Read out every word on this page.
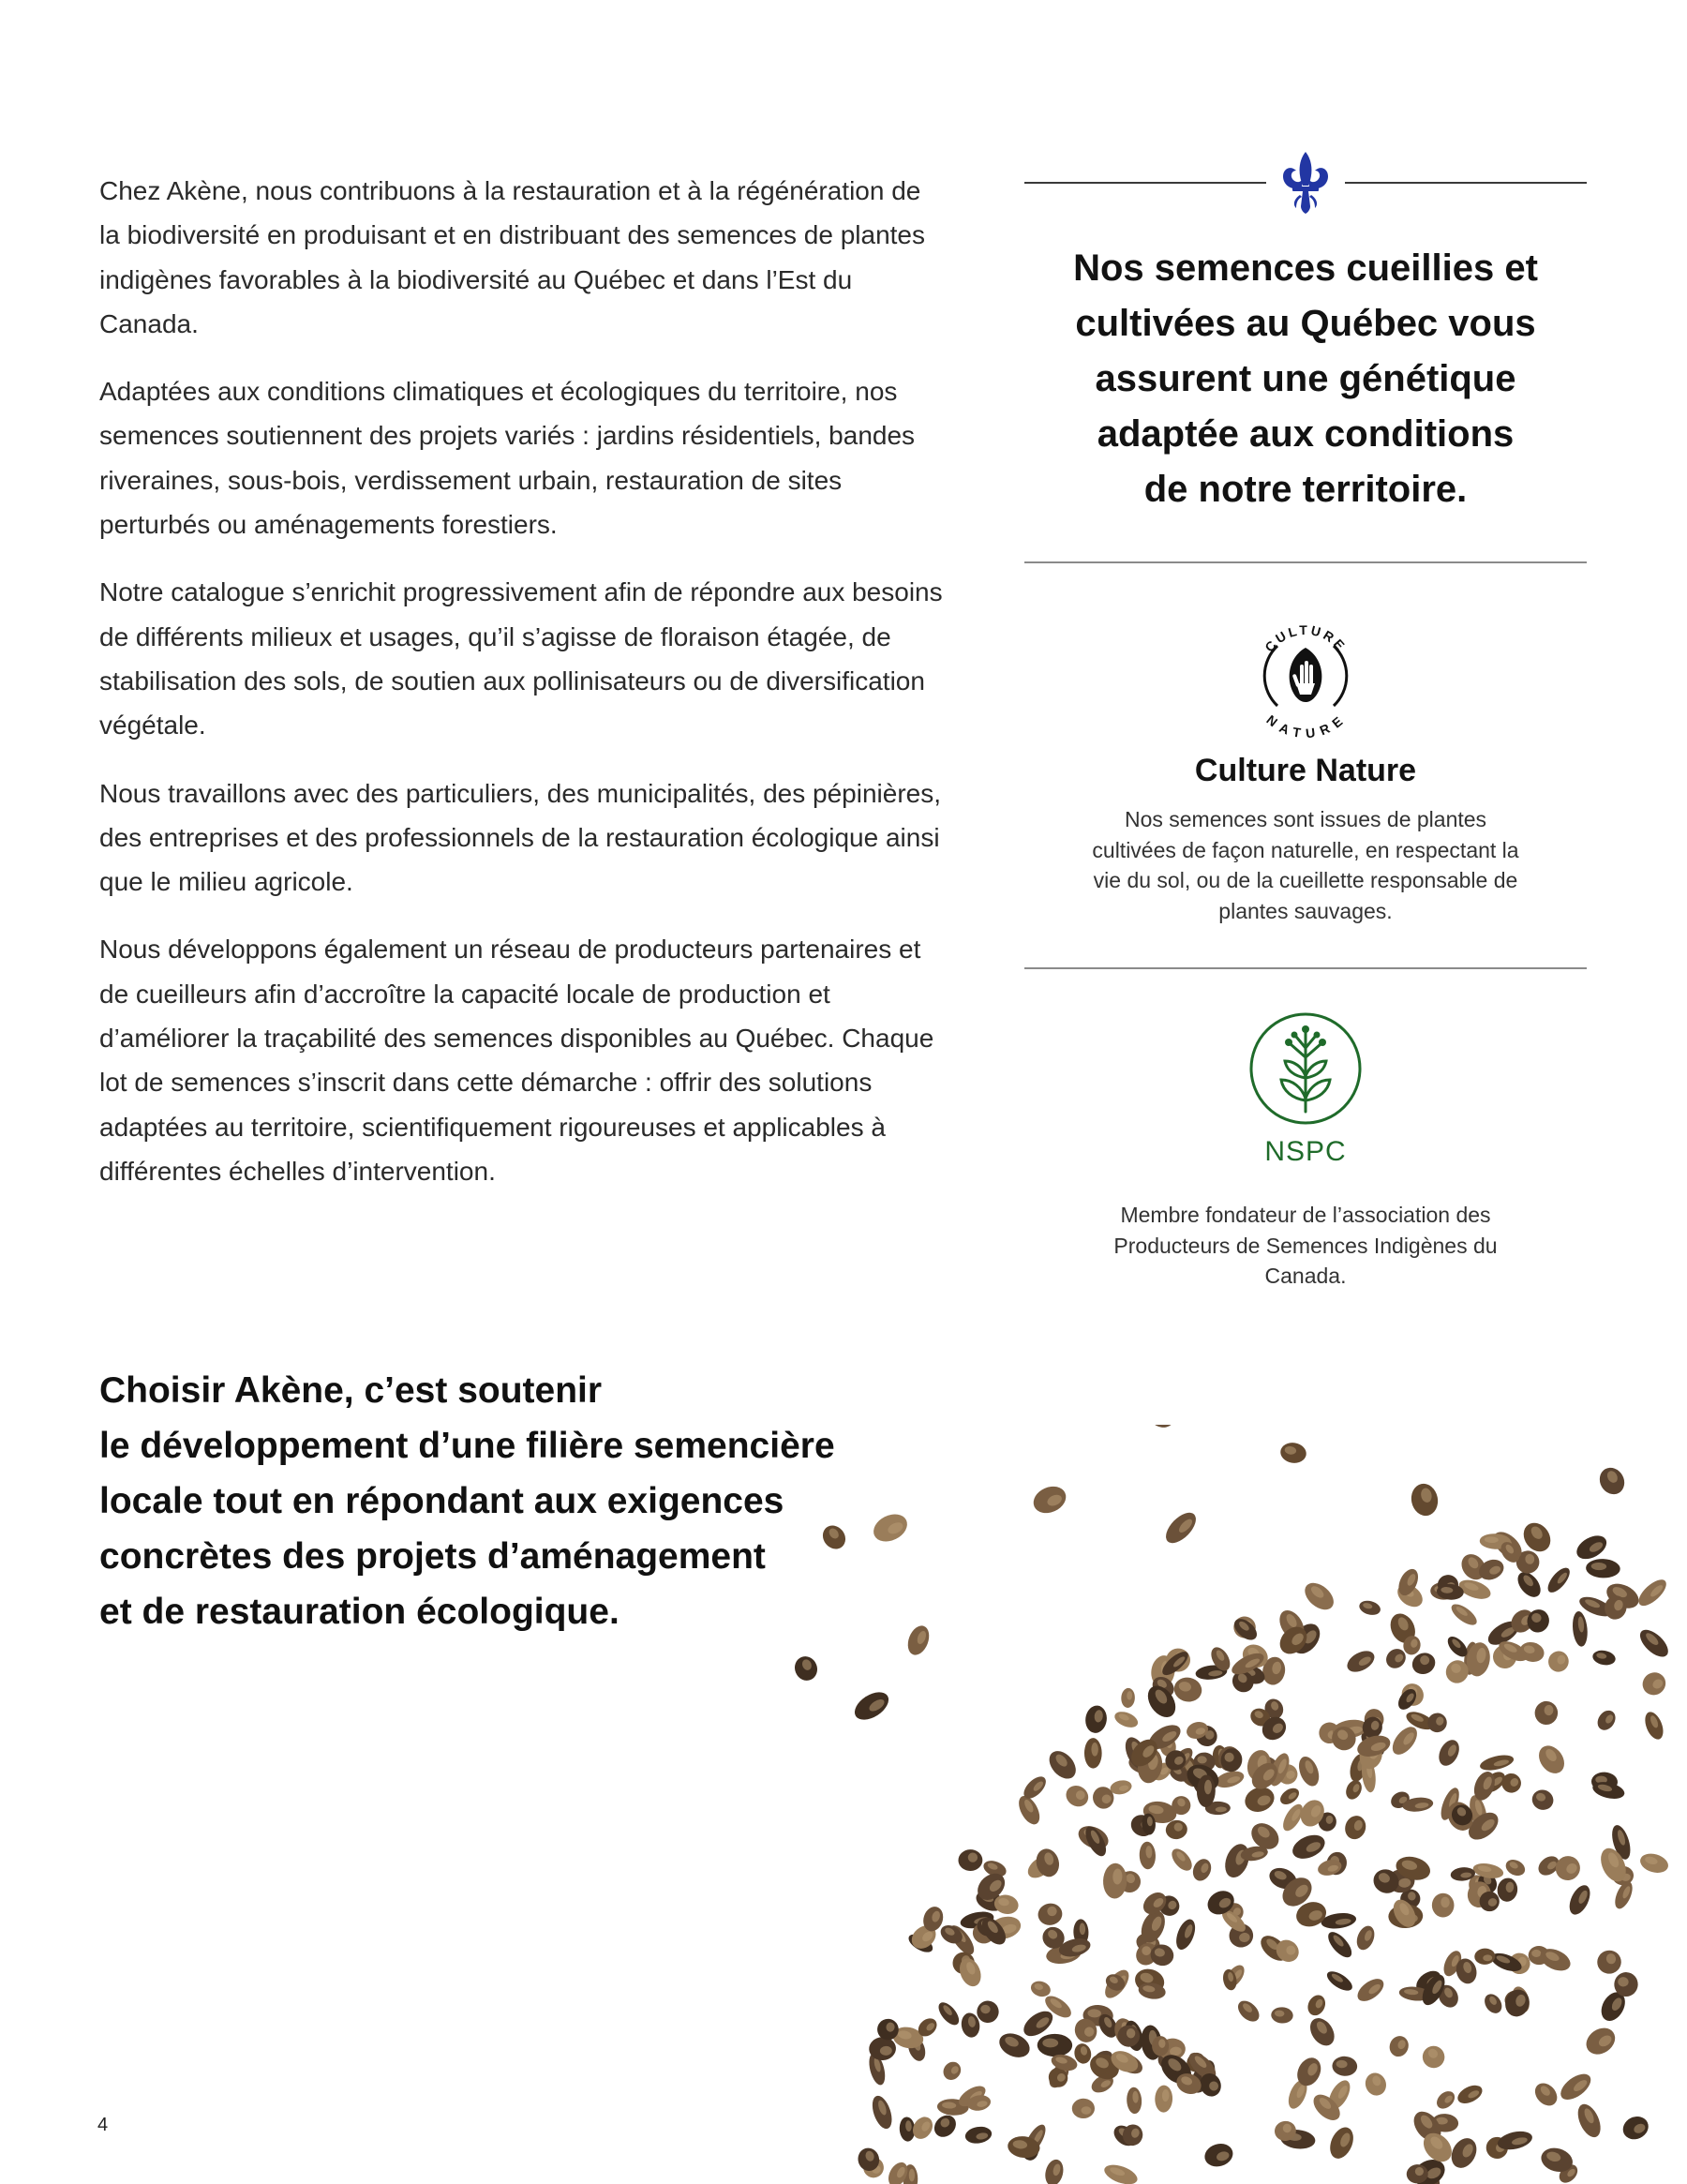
Chez Akène, nous contribuons à la restauration et à la régénération de la biodiversité en produisant et en distribuant des semences de plantes indigènes favorables à la biodiversité au Québec et dans l’Est du Canada.

Adaptées aux conditions climatiques et écologiques du territoire, nos semences soutiennent des projets variés : jardins résidentiels, bandes riveraines, sous-bois, verdissement urbain, restauration de sites perturbés ou aménagements forestiers.

Notre catalogue s’enrichit progressivement afin de répondre aux besoins de différents milieux et usages, qu’il s’agisse de floraison étagée, de stabilisation des sols, de soutien aux pollinisateurs ou de diversification végétale.

Nous travaillons avec des particuliers, des municipalités, des pépinières, des entreprises et des professionnels de la restauration écologique ainsi que le milieu agricole.

Nous développons également un réseau de producteurs partenaires et de cueilleurs afin d’accroître la capacité locale de production et d’améliorer la traçabilité des semences disponibles au Québec. Chaque lot de semences s’inscrit dans cette démarche : offrir des solutions adaptées au territoire, scientifiquement rigoureuses et applicables à différentes échelles d’intervention.

Nos semences cueillies et
cultivées au Québec vous
assurent une génétique
adaptée aux conditions
de notre territoire.
CULTURE
NATURE
Culture Nature
Nos semences sont issues de plantes cultivées de façon naturelle, en respectant la vie du sol, ou de la cueillette responsable de plantes sauvages.
NSPC
Membre fondateur de l’association des Producteurs de Semences Indigènes du Canada.
Choisir Akène, c’est soutenir
le développement d’une filière semencière
locale tout en répondant aux exigences
concrètes des projets d’aménagement
et de restauration écologique.
4
